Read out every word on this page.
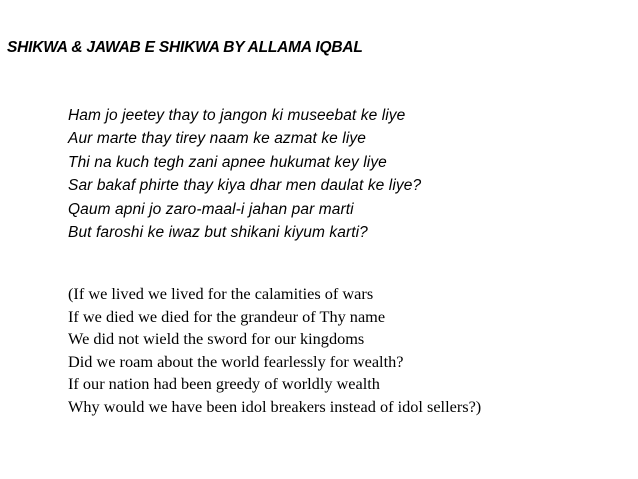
SHIKWA & JAWAB E SHIKWA BY ALLAMA IQBAL
Ham jo jeetey thay to jangon ki museebat ke liye
Aur marte thay tirey naam ke azmat ke liye
Thi na kuch tegh zani apnee hukumat key liye
Sar bakaf phirte thay kiya dhar men daulat ke liye?
Qaum apni jo zaro-maal-i jahan par marti
But faroshi ke iwaz but shikani kiyum karti?
(If we lived we lived for the calamities of wars
If we died we died for the grandeur of Thy name
We did not wield the sword for our kingdoms
Did we roam about the world fearlessly for wealth?
If our nation had been greedy of worldly wealth
Why would we have been idol breakers instead of idol sellers?)
